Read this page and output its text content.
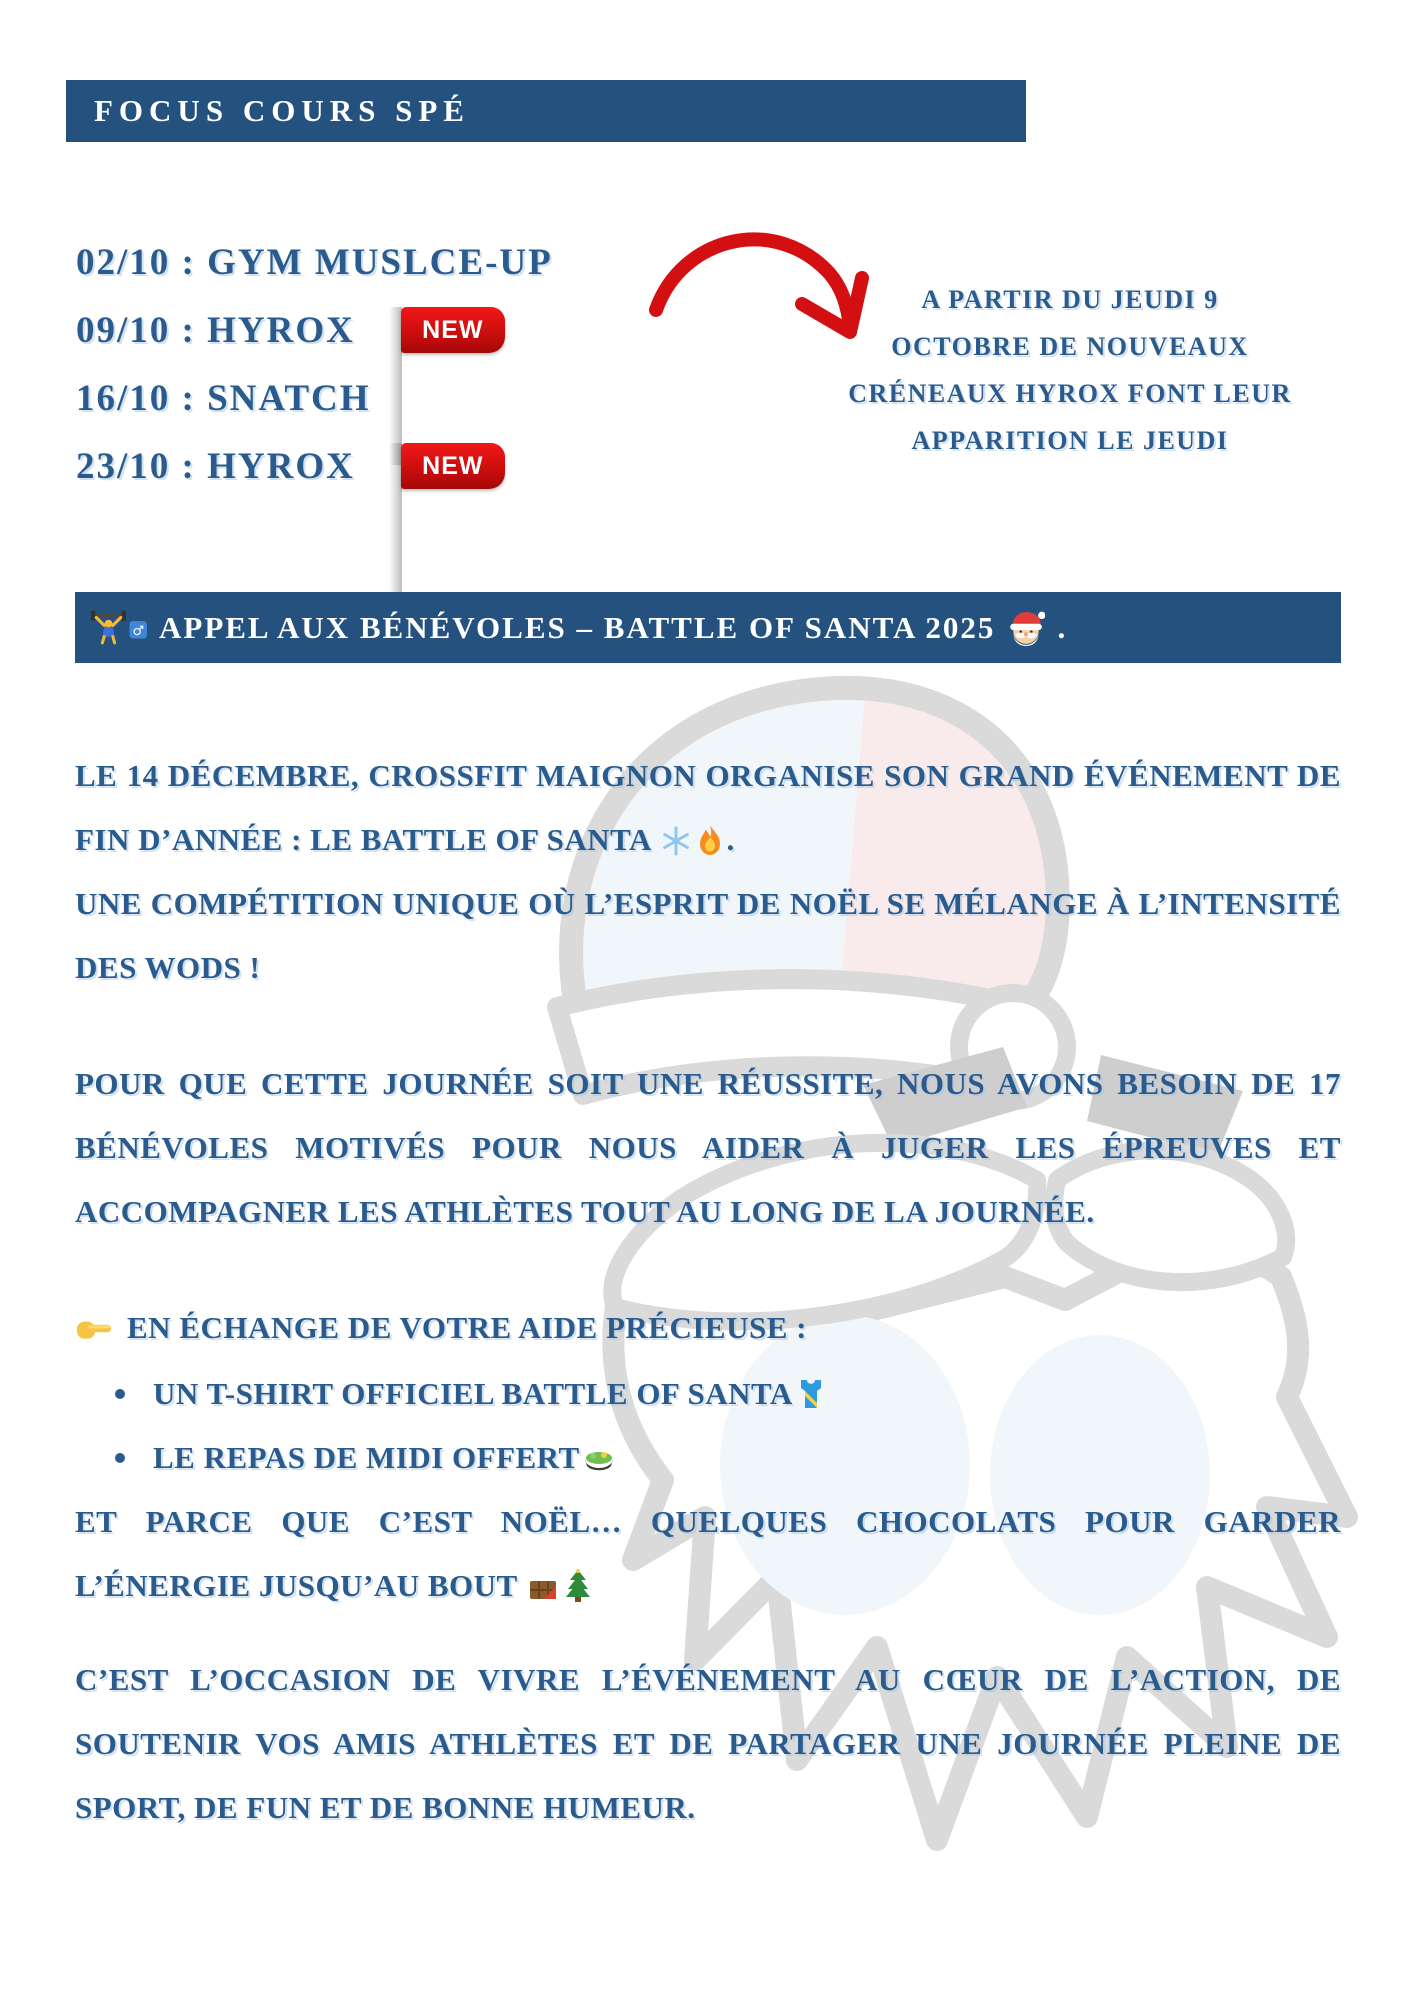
FOCUS COURS SPÉ
02/10 : GYM MUSLCE-UP
09/10 : HYROX	NEW
16/10 : SNATCH
23/10 : HYROX	NEW
A PARTIR DU JEUDI 9
OCTOBRE DE NOUVEAUX
CRÉNEAUX HYROX FONT LEUR
APPARITION LE JEUDI
♂ APPEL AUX BÉNÉVOLES – BATTLE OF SANTA 2025 .

LE 14 DÉCEMBRE, CROSSFIT MAIGNON ORGANISE SON GRAND ÉVÉNEMENT DE FIN D’ANNÉE : LE BATTLE OF SANTA .
UNE COMPÉTITION UNIQUE OÙ L’ESPRIT DE NOËL SE MÉLANGE À L’INTENSITÉ DES WODS !

POUR QUE CETTE JOURNÉE SOIT UNE RÉUSSITE, NOUS AVONS BESOIN DE 17 BÉNÉVOLES MOTIVÉS POUR NOUS AIDER À JUGER LES ÉPREUVES ET ACCOMPAGNER LES ATHLÈTES TOUT AU LONG DE LA JOURNÉE.

EN ÉCHANGE DE VOTRE AIDE PRÉCIEUSE :
UN T-SHIRT OFFICIEL BATTLE OF SANTA
LE REPAS DE MIDI OFFERT

ET PARCE QUE C’EST NOËL… QUELQUES CHOCOLATS POUR GARDER L’ÉNERGIE JUSQU’AU BOUT

C’EST L’OCCASION DE VIVRE L’ÉVÉNEMENT AU CŒUR DE L’ACTION, DE SOUTENIR VOS AMIS ATHLÈTES ET DE PARTAGER UNE JOURNÉE PLEINE DE SPORT, DE FUN ET DE BONNE HUMEUR.
